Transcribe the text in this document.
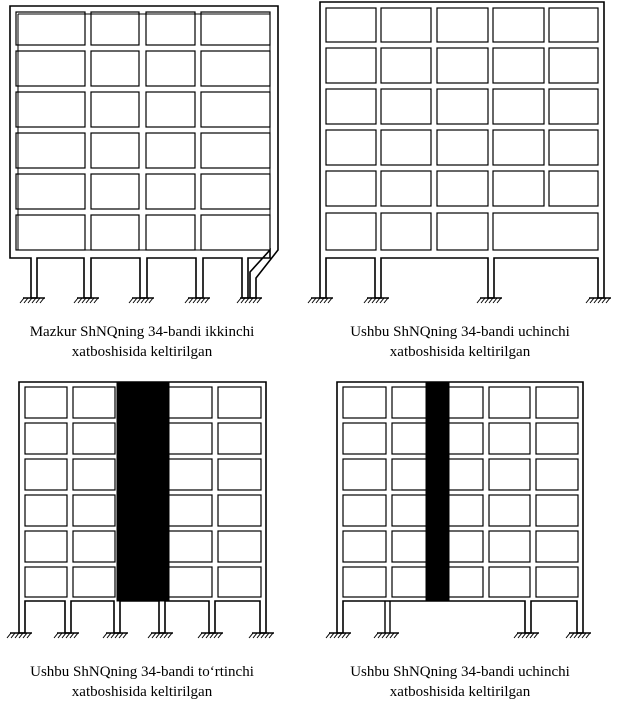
Mazkur ShNQning 34-bandi ikkinchi
xatboshisida keltirilgan
Ushbu ShNQning 34-bandi uchinchi
xatboshisida keltirilgan
Ushbu ShNQning 34-bandi to‘rtinchi
xatboshisida keltirilgan
Ushbu ShNQning 34-bandi uchinchi
xatboshisida keltirilgan
